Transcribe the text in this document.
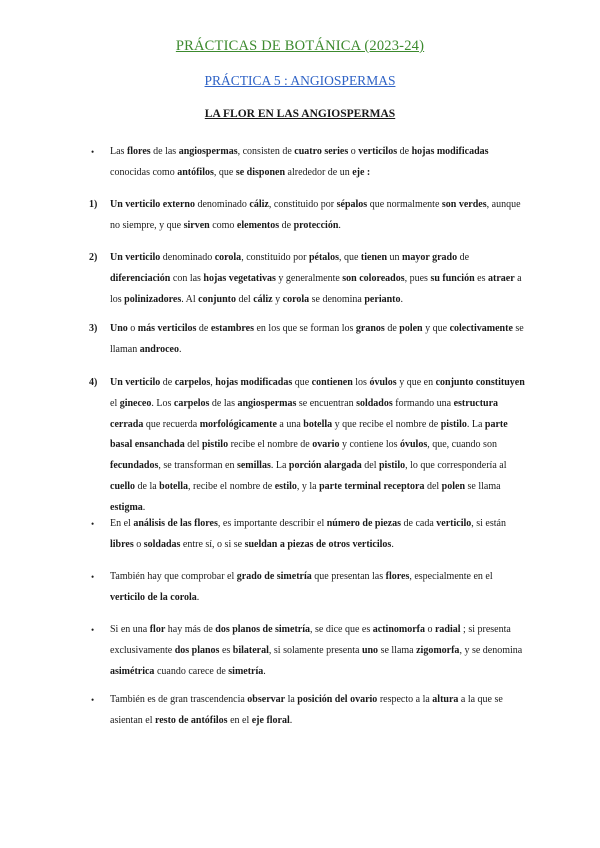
PRÁCTICAS DE BOTÁNICA (2023-24)
PRÁCTICA 5 : ANGIOSPERMAS
LA FLOR EN LAS ANGIOSPERMAS
• Las flores de las angiospermas, consisten de cuatro series o verticilos de hojas modificadas conocidas como antófilos, que se disponen alrededor de un eje :

1) Un verticilo externo denominado cáliz, constituido por sépalos que normalmente son verdes, aunque no siempre, y que sirven como elementos de protección.

2) Un verticilo denominado corola, constituido por pétalos, que tienen un mayor grado de diferenciación con las hojas vegetativas y generalmente son coloreados, pues su función es atraer a los polinizadores. Al conjunto del cáliz y corola se denomina perianto.

3) Uno o más verticilos de estambres en los que se forman los granos de polen y que colectivamente se llaman androceo.

4) Un verticilo de carpelos, hojas modificadas que contienen los óvulos y que en conjunto constituyen el gineceo. Los carpelos de las angiospermas se encuentran soldados formando una estructura cerrada que recuerda morfológicamente a una botella y que recibe el nombre de pistilo. La parte basal ensanchada del pistilo recibe el nombre de ovario y contiene los óvulos, que, cuando son fecundados, se transforman en semillas. La porción alargada del pistilo, lo que correspondería al cuello de la botella, recibe el nombre de estilo, y la parte terminal receptora del polen se llama estigma.

• En el análisis de las flores, es importante describir el número de piezas de cada verticilo, si están libres o soldadas entre sí, o si se sueldan a piezas de otros verticilos.

• También hay que comprobar el grado de simetría que presentan las flores, especialmente en el verticilo de la corola.

• Si en una flor hay más de dos planos de simetría, se dice que es actinomorfa o radial ; si presenta exclusivamente dos planos es bilateral, si solamente presenta uno se llama zigomorfa, y se denomina asimétrica cuando carece de simetría.

• También es de gran trascendencia observar la posición del ovario respecto a la altura a la que se asientan el resto de antófilos en el eje floral.
